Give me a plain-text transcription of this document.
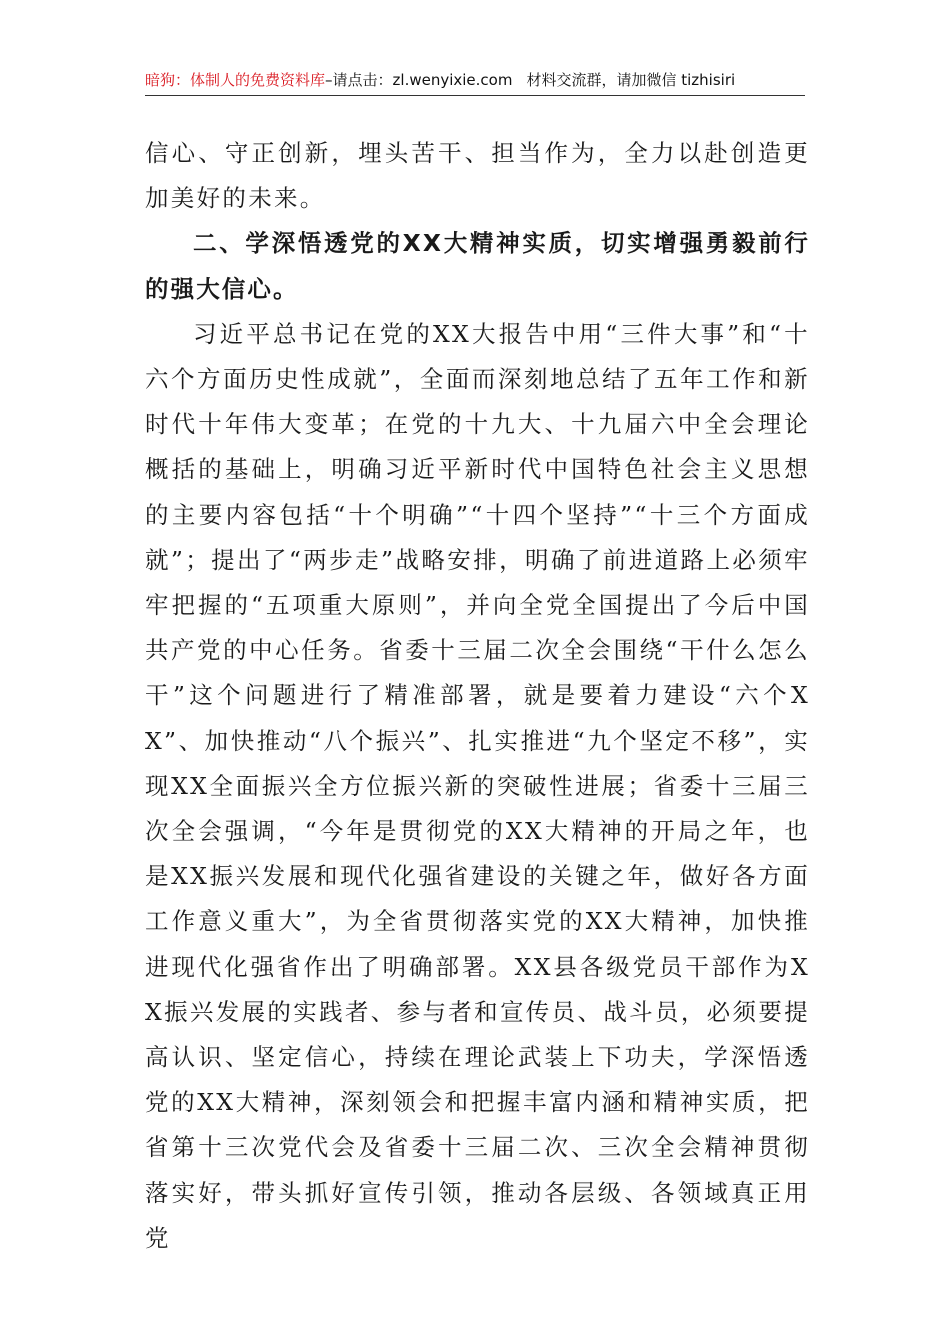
暗狗：体制人的免费资料库–请点击：zl.wenyixie.com 材料交流群，请加微信 tizhisiri

信心、守正创新，埋头苦干、担当作为，全力以赴创造更加美好的未来。

二、学深悟透党的XX大精神实质，切实增强勇毅前行的强大信心。

习近平总书记在党的XX大报告中用“三件大事”和“十六个方面历史性成就”，全面而深刻地总结了五年工作和新时代十年伟大变革；在党的十九大、十九届六中全会理论概括的基础上，明确习近平新时代中国特色社会主义思想的主要内容包括“十个明确”“十四个坚持”“十三个方面成就”；提出了“两步走”战略安排，明确了前进道路上必须牢牢把握的“五项重大原则”，并向全党全国提出了今后中国共产党的中心任务。省委十三届二次全会围绕“干什么怎么干”这个问题进行了精准部署，就是要着力建设“六个XX”、加快推动“八个振兴”、扎实推进“九个坚定不移”，实现XX全面振兴全方位振兴新的突破性进展；省委十三届三次全会强调，“今年是贯彻党的XX大精神的开局之年，也是XX振兴发展和现代化强省建设的关键之年，做好各方面工作意义重大”，为全省贯彻落实党的XX大精神，加快推进现代化强省作出了明确部署。XX县各级党员干部作为XX振兴发展的实践者、参与者和宣传员、战斗员，必须要提高认识、坚定信心，持续在理论武装上下功夫，学深悟透党的XX大精神，深刻领会和把握丰富内涵和精神实质，把省第十三次党代会及省委十三届二次、三次全会精神贯彻落实好，带头抓好宣传引领，推动各层级、各领域真正用党
